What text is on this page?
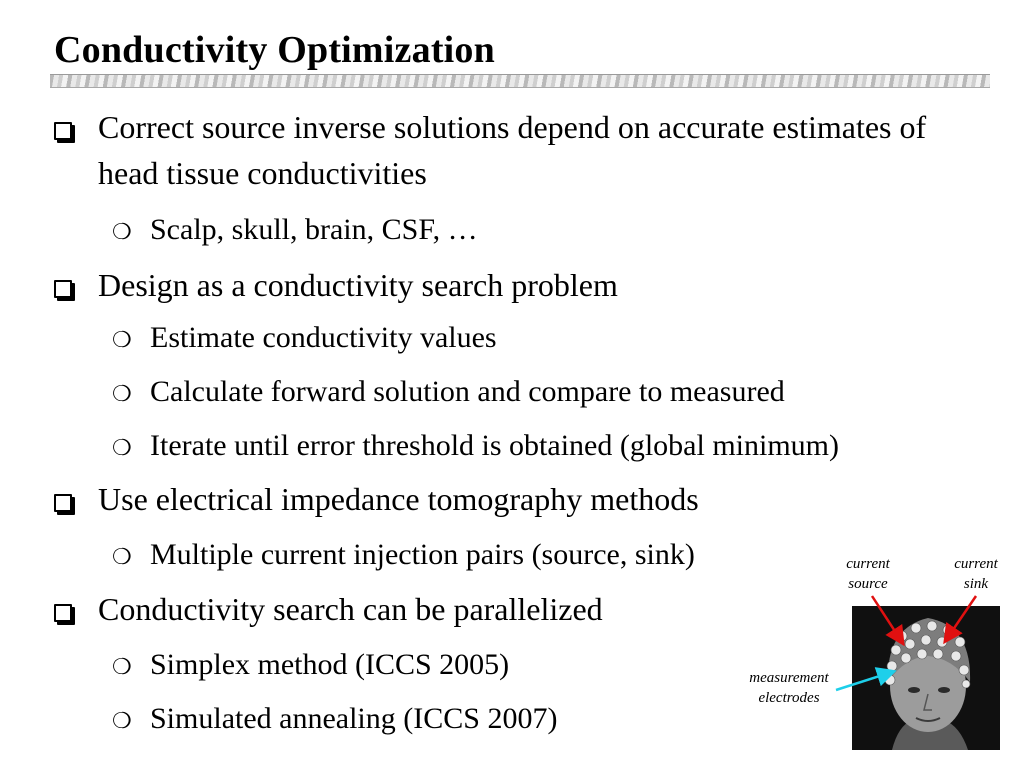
Conductivity Optimization
Correct source inverse solutions depend on accurate estimates of head tissue conductivities
❍ Scalp, skull, brain, CSF, …
Design as a conductivity search problem
❍ Estimate conductivity values
❍ Calculate forward solution and compare to measured
❍ Iterate until error threshold is obtained (global minimum)
Use electrical impedance tomography methods
❍ Multiple current injection pairs (source, sink)
Conductivity search can be parallelized
❍ Simplex method (ICCS 2005)
❍ Simulated annealing (ICCS 2007)
current
source
current
sink
measurement
electrodes
